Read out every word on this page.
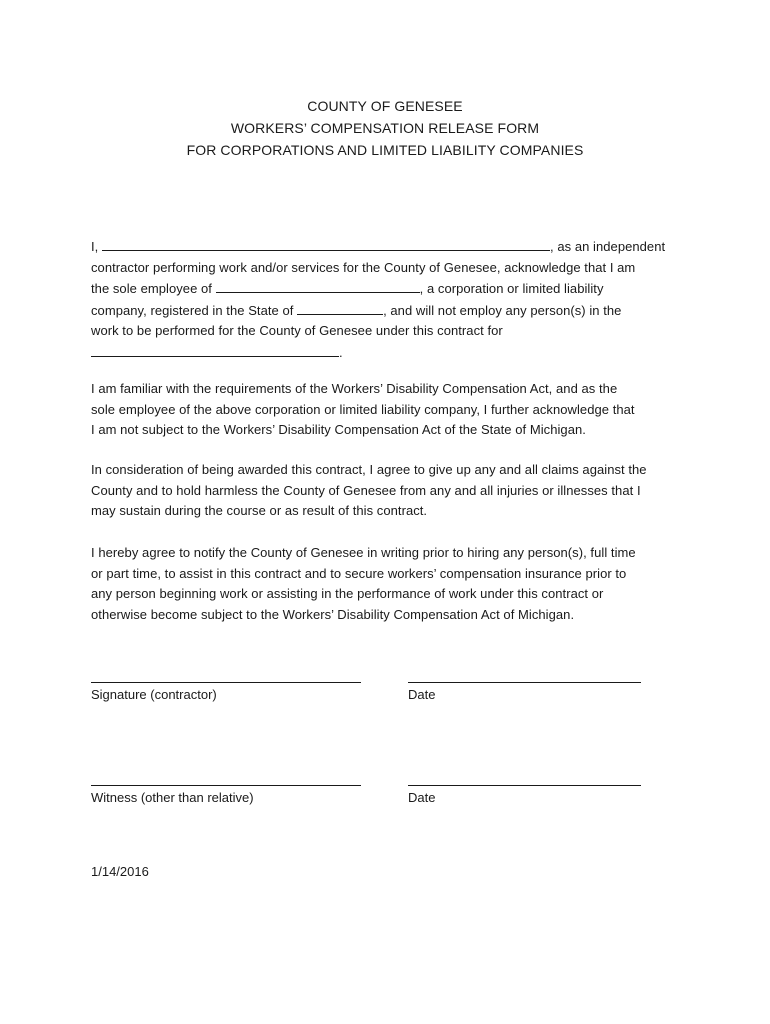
COUNTY OF GENESEE
WORKERS’ COMPENSATION RELEASE FORM
FOR CORPORATIONS AND LIMITED LIABILITY COMPANIES
I,	, as an independent
contractor performing work and/or services for the County of Genesee, acknowledge that I am
the sole employee of	, a corporation or limited liability
company, registered in the State of	, and will not employ any person(s) in the
work to be performed for the County of Genesee under this contract for
.
I am familiar with the requirements of the Workers’ Disability Compensation Act, and as the
sole employee of the above corporation or limited liability company, I further acknowledge that
I am not subject to the Workers’ Disability Compensation Act of the State of Michigan.
In consideration of being awarded this contract, I agree to give up any and all claims against the
County and to hold harmless the County of Genesee from any and all injuries or illnesses that I
may sustain during the course or as result of this contract.
I hereby agree to notify the County of Genesee in writing prior to hiring any person(s), full time
or part time, to assist in this contract and to secure workers’ compensation insurance prior to
any person beginning work or assisting in the performance of work under this contract or
otherwise become subject to the Workers’ Disability Compensation Act of Michigan.
Signature (contractor)	Date
Witness (other than relative)	Date
1/14/2016
